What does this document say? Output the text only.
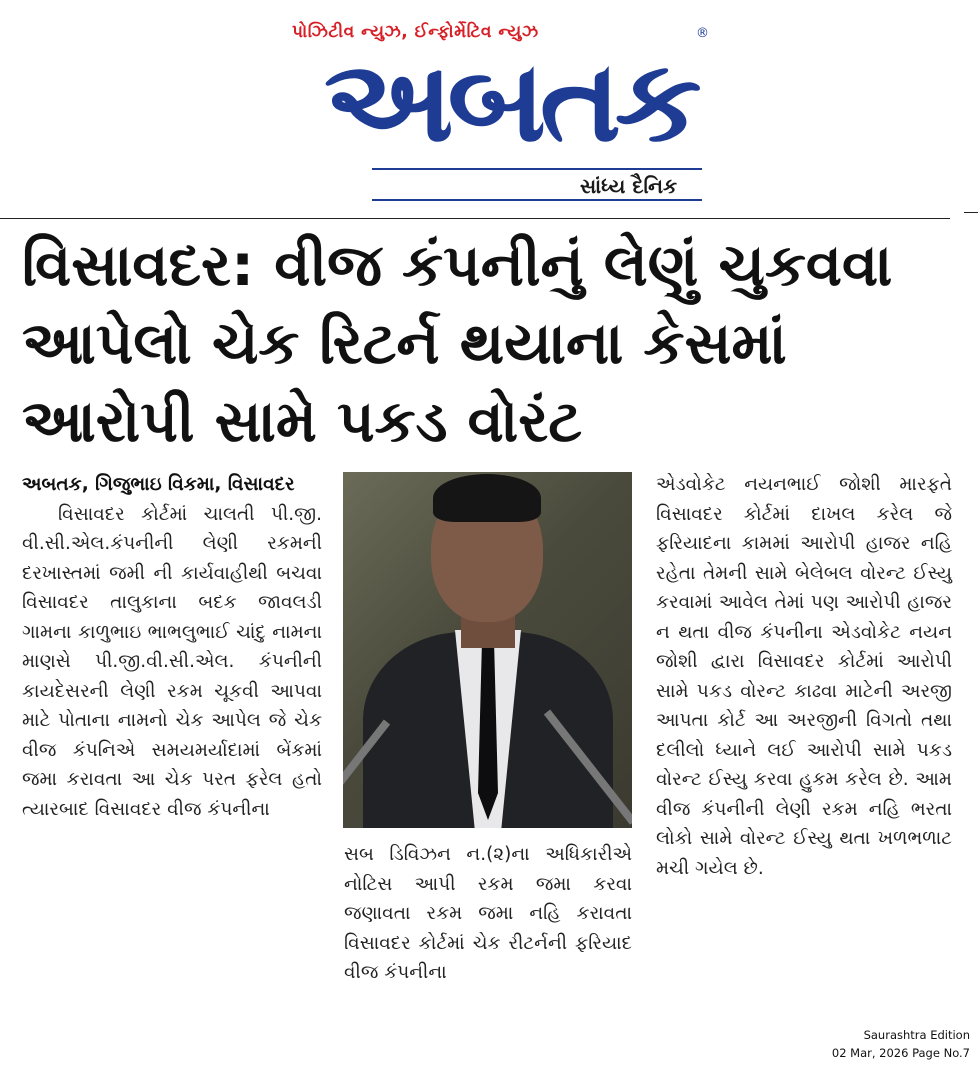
પોઝિટીવ ન્યુઝ, ઈન્ફોર્મેટિવ ન્યુઝ
અબતક
®
સાંધ્ય દૈનિક
વિસાવદર: વીજ કંપનીનું લેણું ચુકવવા આપેલો ચેક રિટર્ન થયાના કેસમાં આરોપી સામે પકડ વોરંટ

અબતક, ગિજુભાઇ વિકમા, વિસાવદર

વિસાવદર કોર્ટમાં ચાલતી પી.જી. વી.સી.એલ.કંપનીની લેણી રકમની દરખાસ્તમાં જમી ની કાર્યવાહીથી બચવા વિસાવદર તાલુકાના બદક જાવલડી ગામના કાળુભાઇ ભાભલુભાઈ ચાંદુ નામના માણસે પી.જી.વી.સી.એલ. કંપનીની કાયદેસરની લેણી રકમ ચૂકવી આપવા માટે પોતાના નામનો ચેક આપેલ જે ચેક વીજ કંપનિએ સમયમર્યાદામાં બેંકમાં જમા કરાવતા આ ચેક પરત ફરેલ હતો ત્યારબાદ વિસાવદર વીજ કંપનીના

સબ ડિવિઝન ન.(૨)ના અધિકારીએ નોટિસ આપી રકમ જમા કરવા જણાવતા રકમ જમા નહિ કરાવતા વિસાવદર કોર્ટમાં ચેક રીટર્નની ફરિયાદ વીજ કંપનીના

એડવોકેટ નયનભાઈ જોશી મારફતે વિસાવદર કોર્ટમાં દાખલ કરેલ જે ફરિયાદના કામમાં આરોપી હાજર નહિ રહેતા તેમની સામે બેલેબલ વોરન્ટ ઈસ્યુ કરવામાં આવેલ તેમાં પણ આરોપી હાજર ન થતા વીજ કંપનીના એડવોકેટ નયન જોશી દ્વારા વિસાવદર કોર્ટમાં આરોપી સામે પકડ વોરન્ટ કાઢવા માટેની અરજી આપતા કોર્ટ આ અરજીની વિગતો તથા દલીલો ધ્યાને લઈ આરોપી સામે પકડ વોરન્ટ ઈસ્યુ કરવા હુકમ કરેલ છે. આમ વીજ કંપનીની લેણી રકમ નહિ ભરતા લોકો સામે વોરન્ટ ઈસ્યુ થતા ખળભળાટ મચી ગયેલ છે.

Saurashtra Edition
02 Mar, 2026 Page No.7
